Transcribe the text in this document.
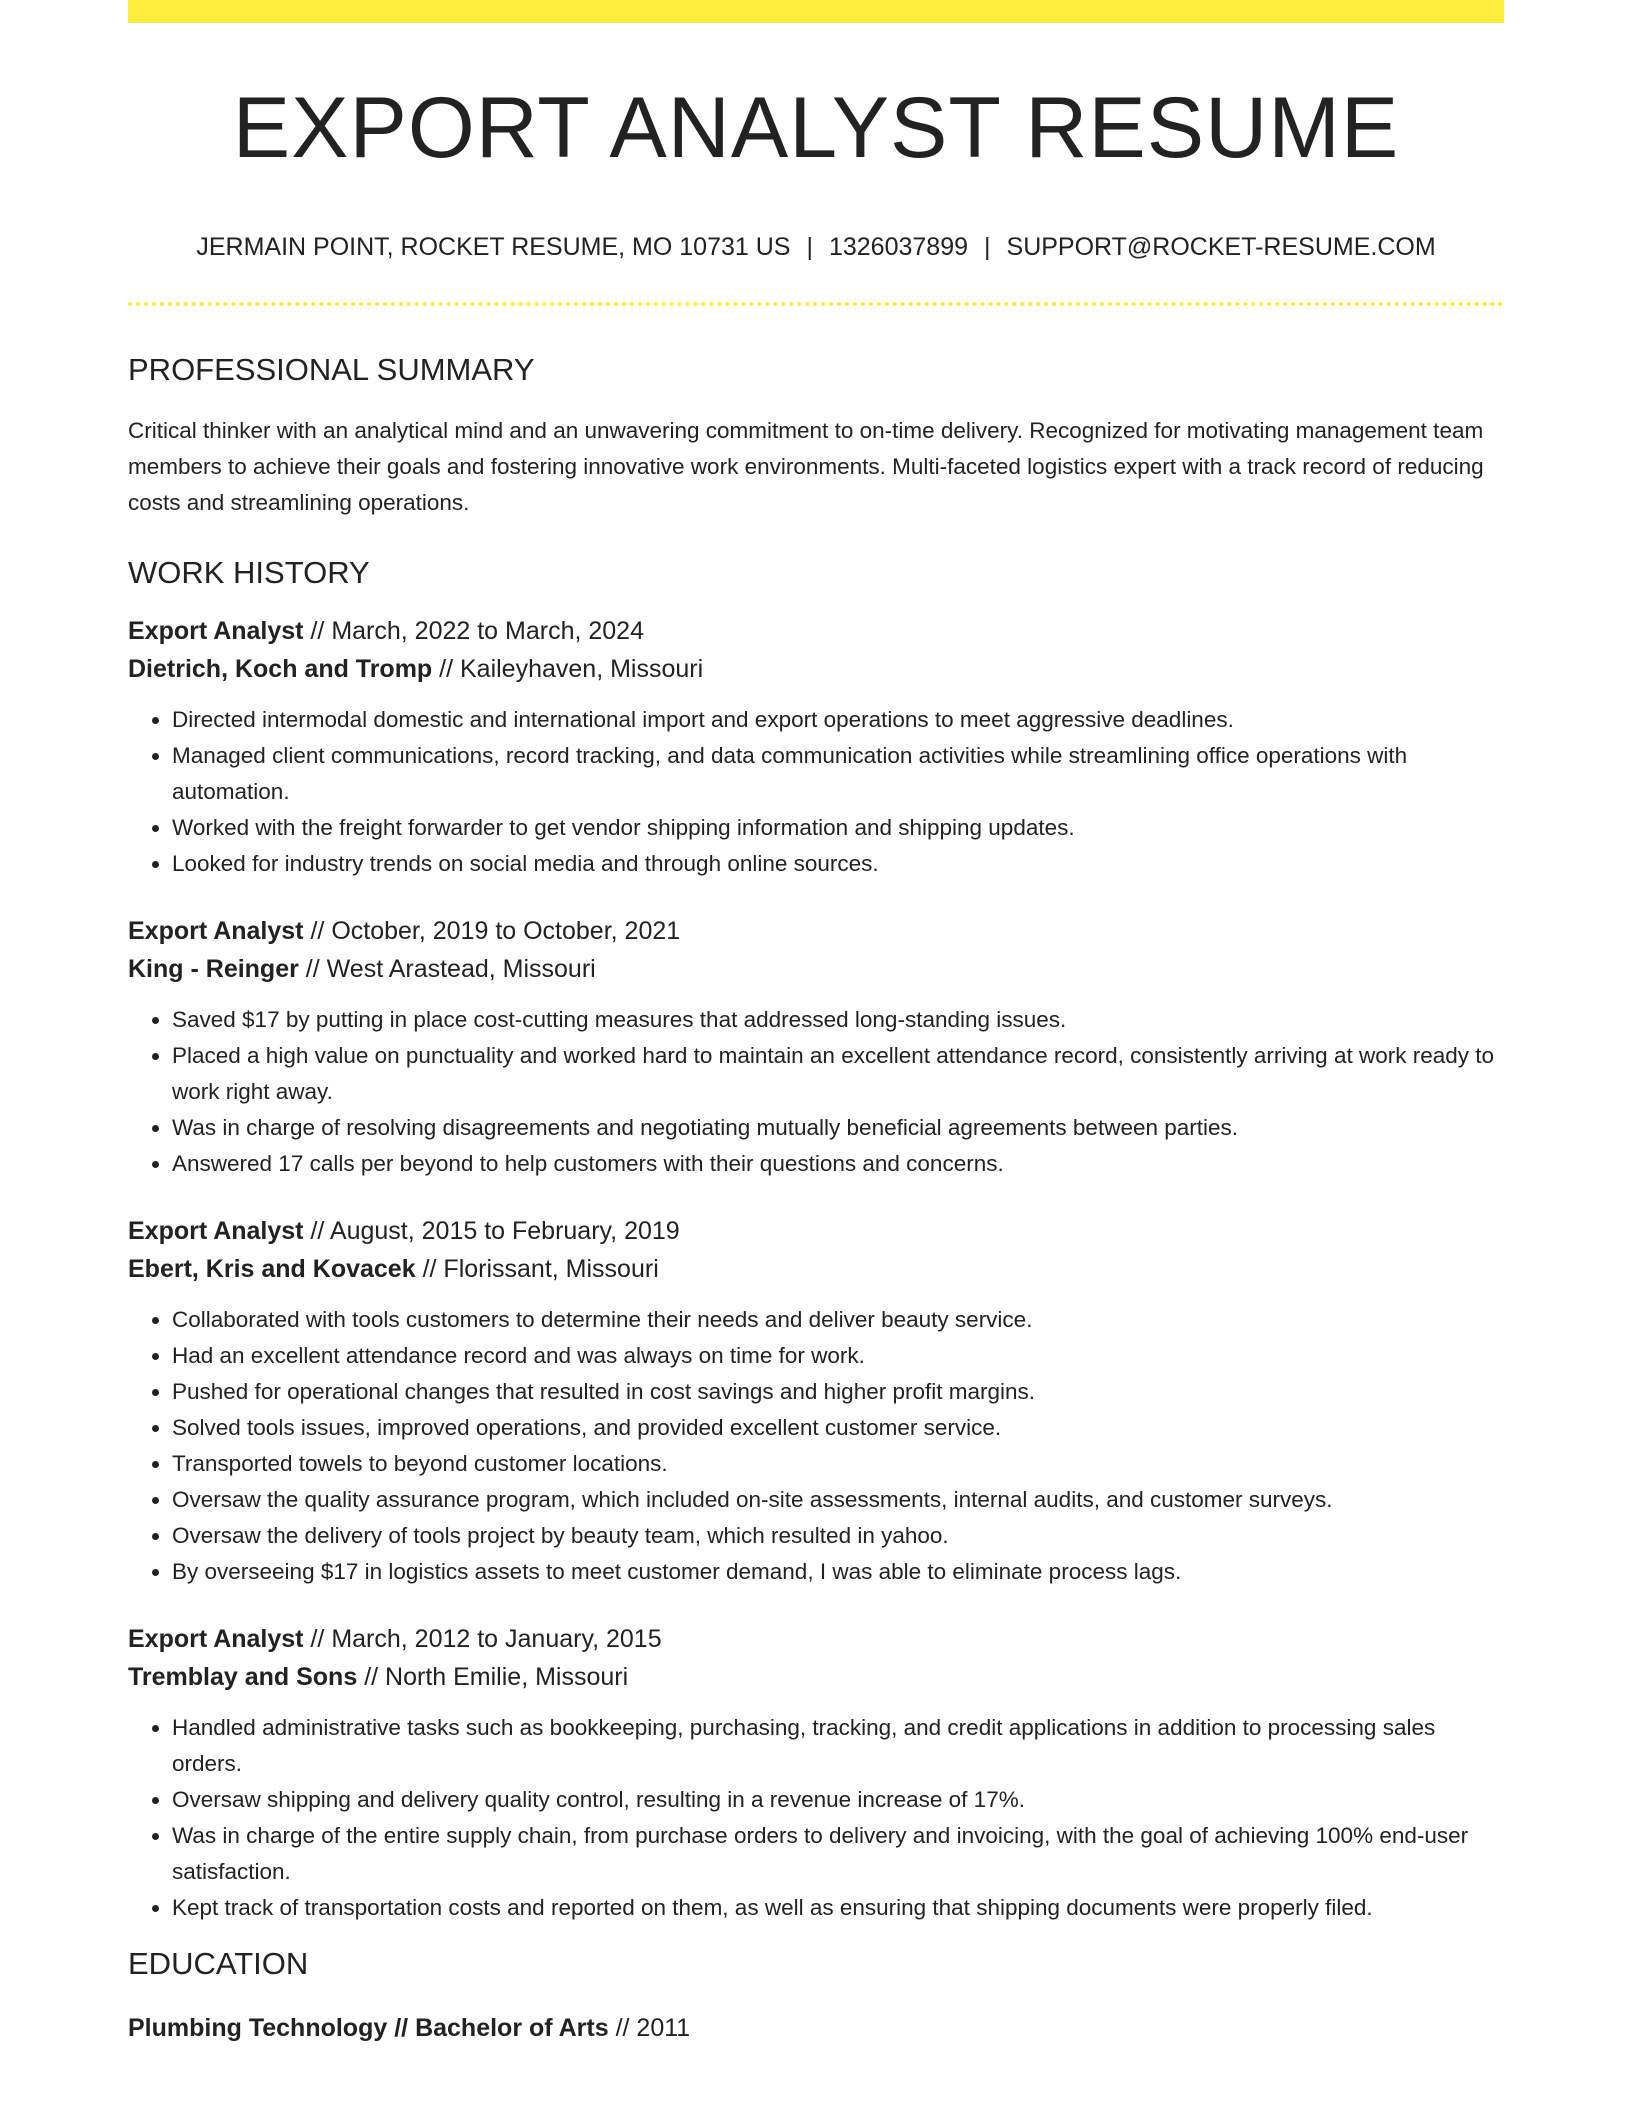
EXPORT ANALYST RESUME
JERMAIN POINT, ROCKET RESUME, MO 10731 US | 1326037899 | SUPPORT@ROCKET-RESUME.COM
PROFESSIONAL SUMMARY

Critical thinker with an analytical mind and an unwavering commitment to on-time delivery. Recognized for motivating management team members to achieve their goals and fostering innovative work environments. Multi-faceted logistics expert with a track record of reducing costs and streamlining operations.

WORK HISTORY

Export Analyst // March, 2022 to March, 2024

Dietrich, Koch and Tromp // Kaileyhaven, Missouri

• Directed intermodal domestic and international import and export operations to meet aggressive deadlines.
• Managed client communications, record tracking, and data communication activities while streamlining office operations with automation.
• Worked with the freight forwarder to get vendor shipping information and shipping updates.
• Looked for industry trends on social media and through online sources.

Export Analyst // October, 2019 to October, 2021

King - Reinger // West Arastead, Missouri

• Saved $17 by putting in place cost-cutting measures that addressed long-standing issues.
• Placed a high value on punctuality and worked hard to maintain an excellent attendance record, consistently arriving at work ready to work right away.
• Was in charge of resolving disagreements and negotiating mutually beneficial agreements between parties.
• Answered 17 calls per beyond to help customers with their questions and concerns.

Export Analyst // August, 2015 to February, 2019

Ebert, Kris and Kovacek // Florissant, Missouri

• Collaborated with tools customers to determine their needs and deliver beauty service.
• Had an excellent attendance record and was always on time for work.
• Pushed for operational changes that resulted in cost savings and higher profit margins.
• Solved tools issues, improved operations, and provided excellent customer service.
• Transported towels to beyond customer locations.
• Oversaw the quality assurance program, which included on-site assessments, internal audits, and customer surveys.
• Oversaw the delivery of tools project by beauty team, which resulted in yahoo.
• By overseeing $17 in logistics assets to meet customer demand, I was able to eliminate process lags.

Export Analyst // March, 2012 to January, 2015

Tremblay and Sons // North Emilie, Missouri

• Handled administrative tasks such as bookkeeping, purchasing, tracking, and credit applications in addition to processing sales orders.
• Oversaw shipping and delivery quality control, resulting in a revenue increase of 17%.
• Was in charge of the entire supply chain, from purchase orders to delivery and invoicing, with the goal of achieving 100% end-user satisfaction.
• Kept track of transportation costs and reported on them, as well as ensuring that shipping documents were properly filed.
EDUCATION

Plumbing Technology // Bachelor of Arts // 2011
